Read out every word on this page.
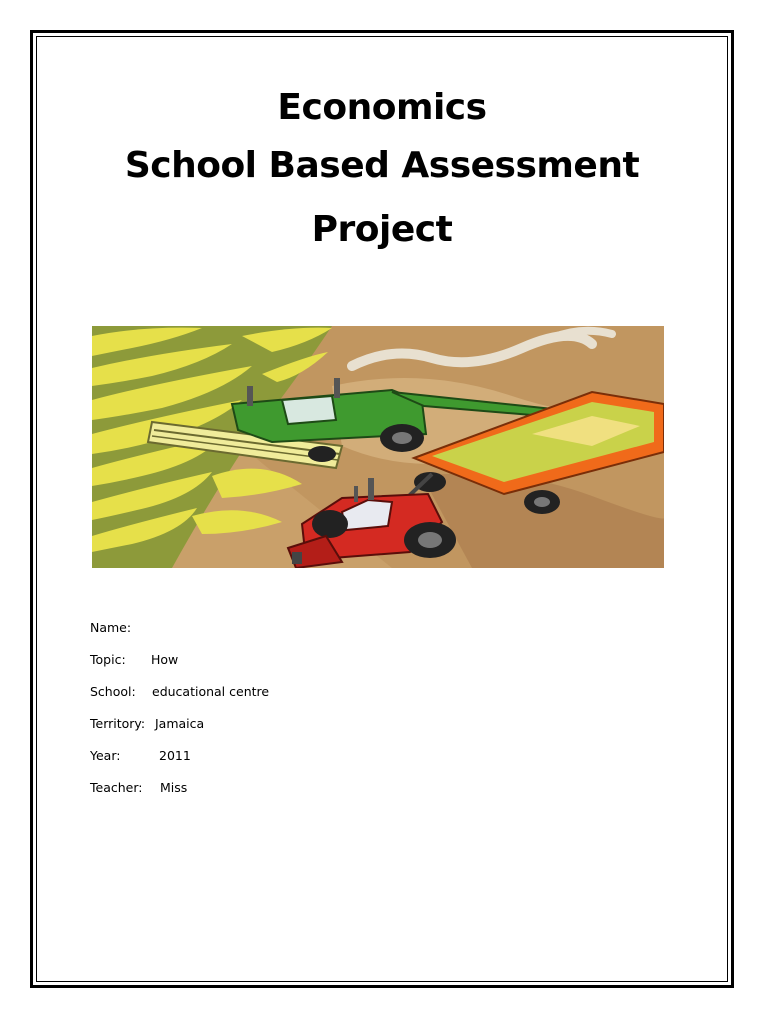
Economics
School Based Assessment
Project
Name:
Topic: How
School: educational centre
Territory: Jamaica
Year:	2011
Teacher: Miss
